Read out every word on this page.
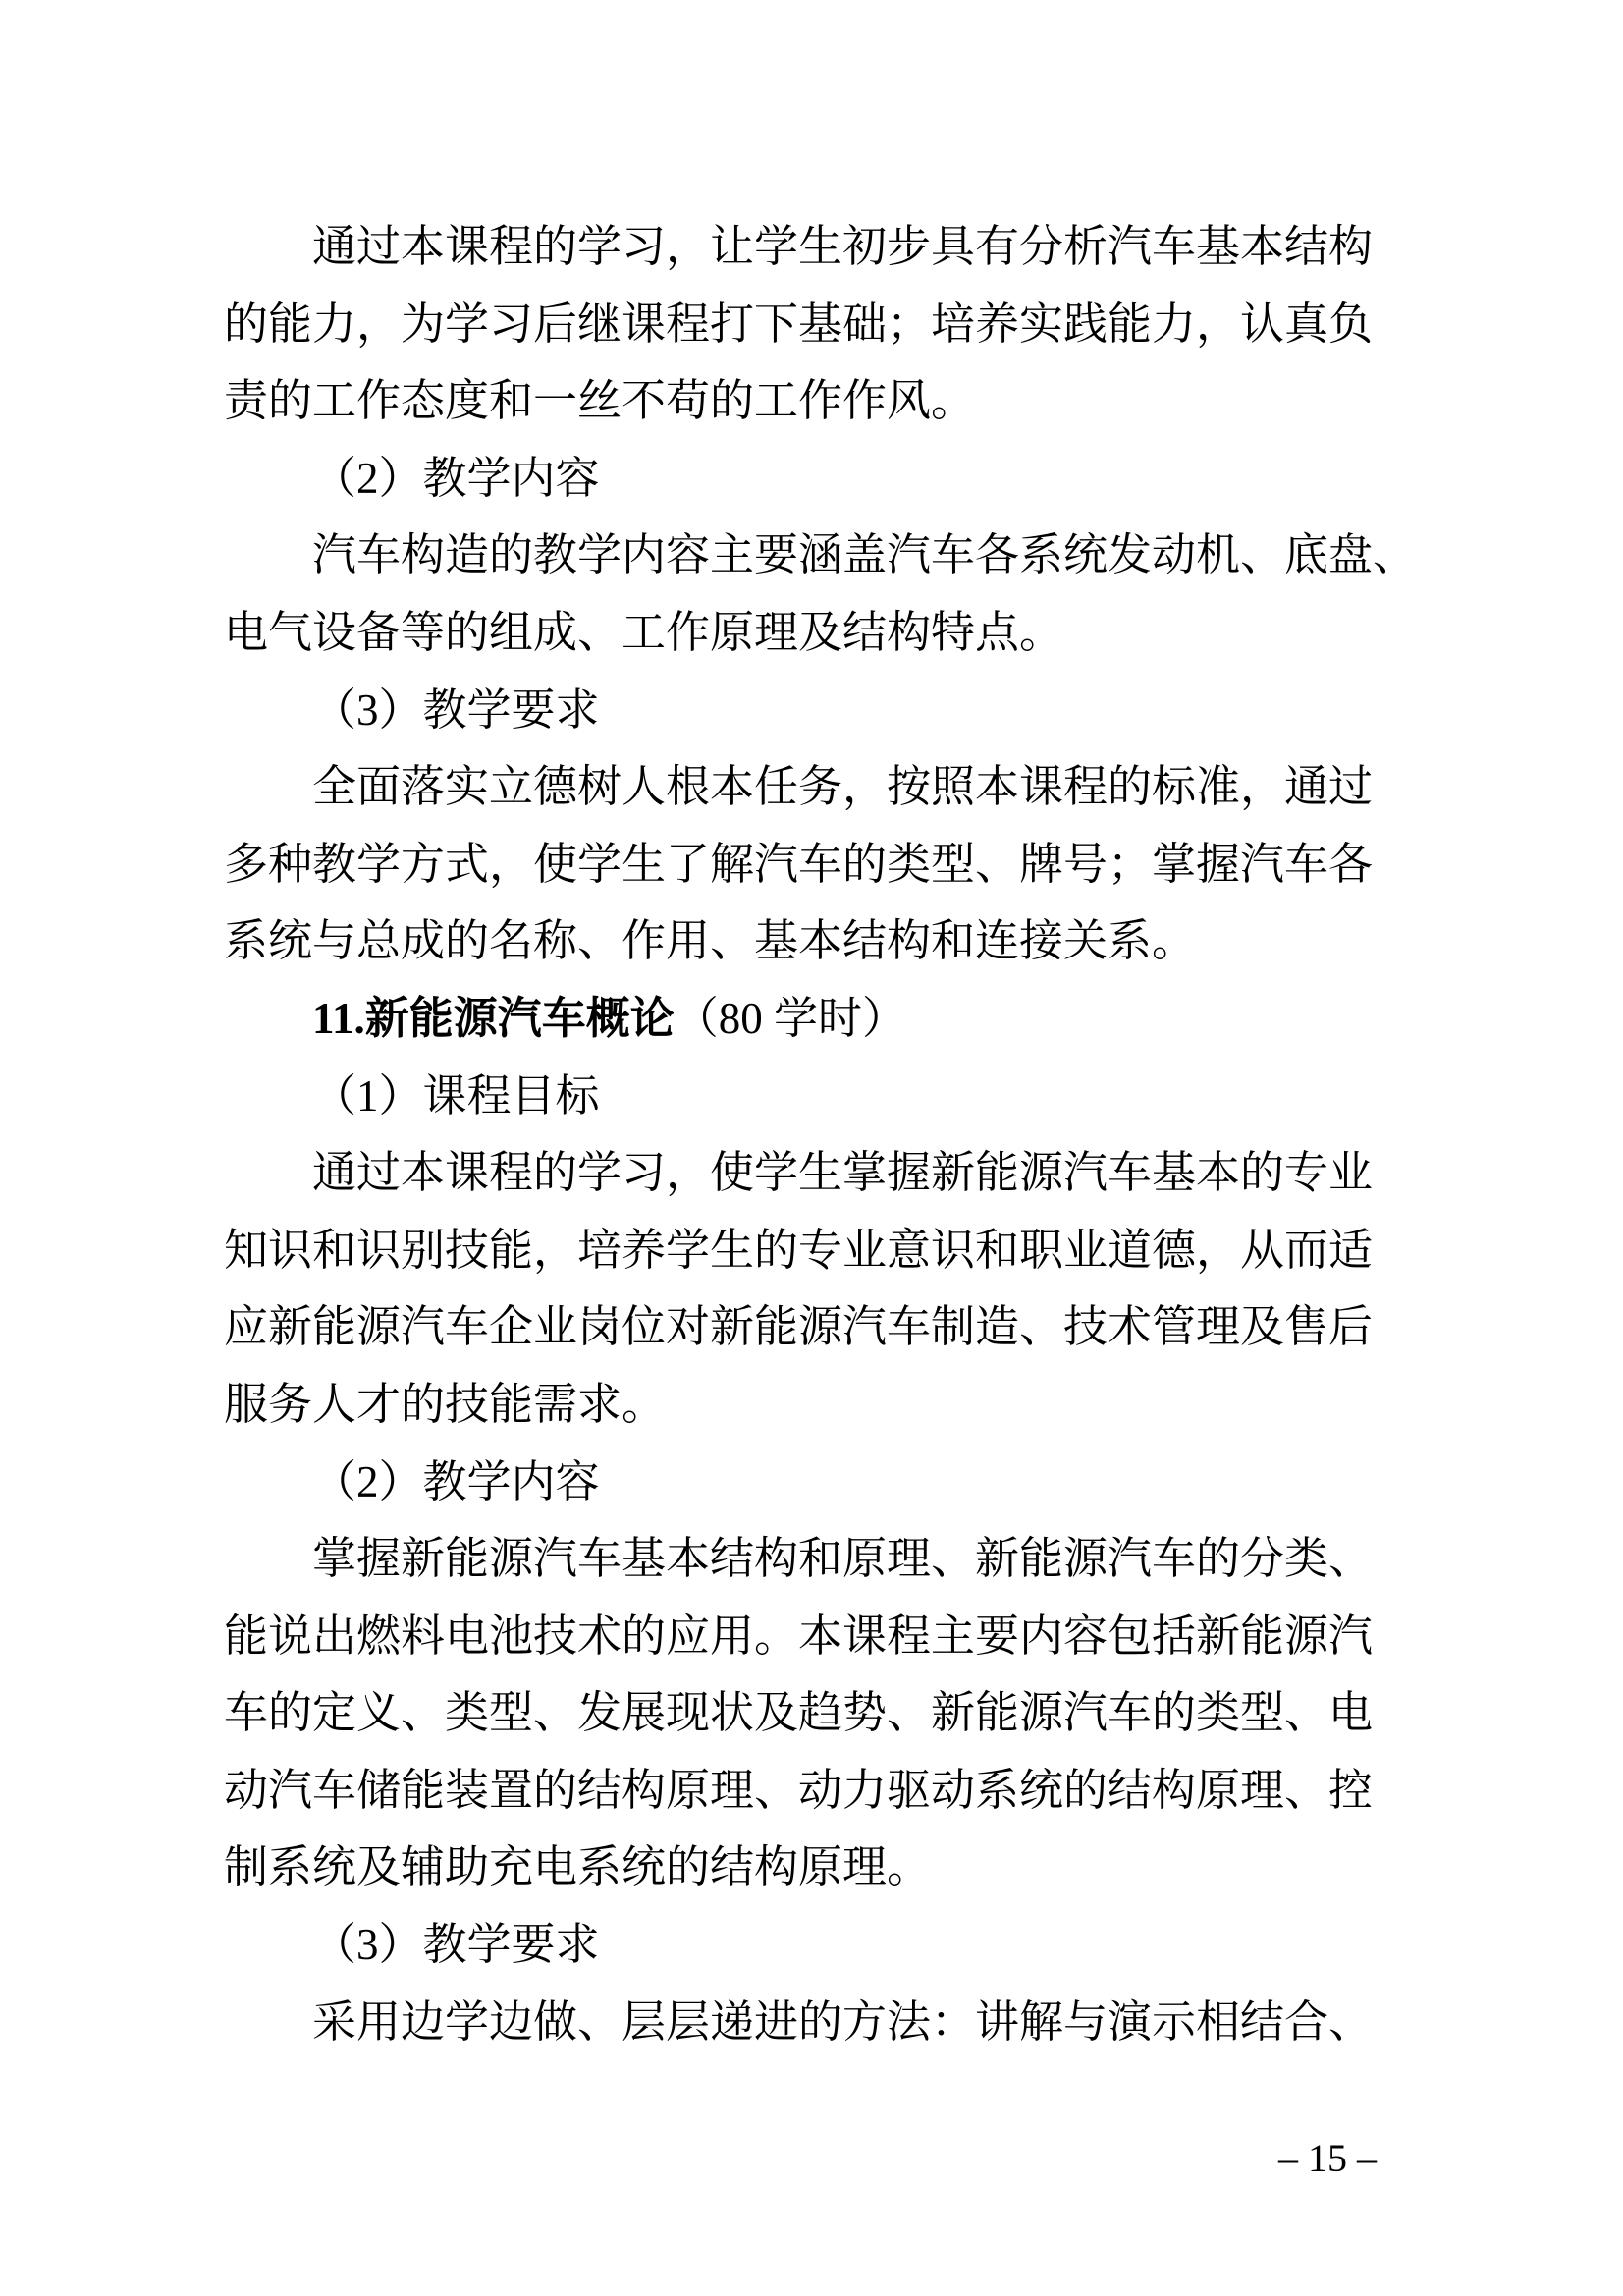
通过本课程的学习，让学生初步具有分析汽车基本结构
的能力，为学习后继课程打下基础；培养实践能力，认真负
责的工作态度和一丝不苟的工作作风。
（2）教学内容
汽车构造的教学内容主要涵盖汽车各系统发动机、底盘、
电气设备等的组成、工作原理及结构特点。
（3）教学要求
全面落实立德树人根本任务，按照本课程的标准，通过
多种教学方式，使学生了解汽车的类型、牌号；掌握汽车各
系统与总成的名称、作用、基本结构和连接关系。
11.新能源汽车概论（80 学时）
（1）课程目标
通过本课程的学习，使学生掌握新能源汽车基本的专业
知识和识别技能，培养学生的专业意识和职业道德，从而适
应新能源汽车企业岗位对新能源汽车制造、技术管理及售后
服务人才的技能需求。
（2）教学内容
掌握新能源汽车基本结构和原理、新能源汽车的分类、
能说出燃料电池技术的应用。本课程主要内容包括新能源汽
车的定义、类型、发展现状及趋势、新能源汽车的类型、电
动汽车储能装置的结构原理、动力驱动系统的结构原理、控
制系统及辅助充电系统的结构原理。
（3）教学要求
采用边学边做、层层递进的方法：讲解与演示相结合、
– 15 –
